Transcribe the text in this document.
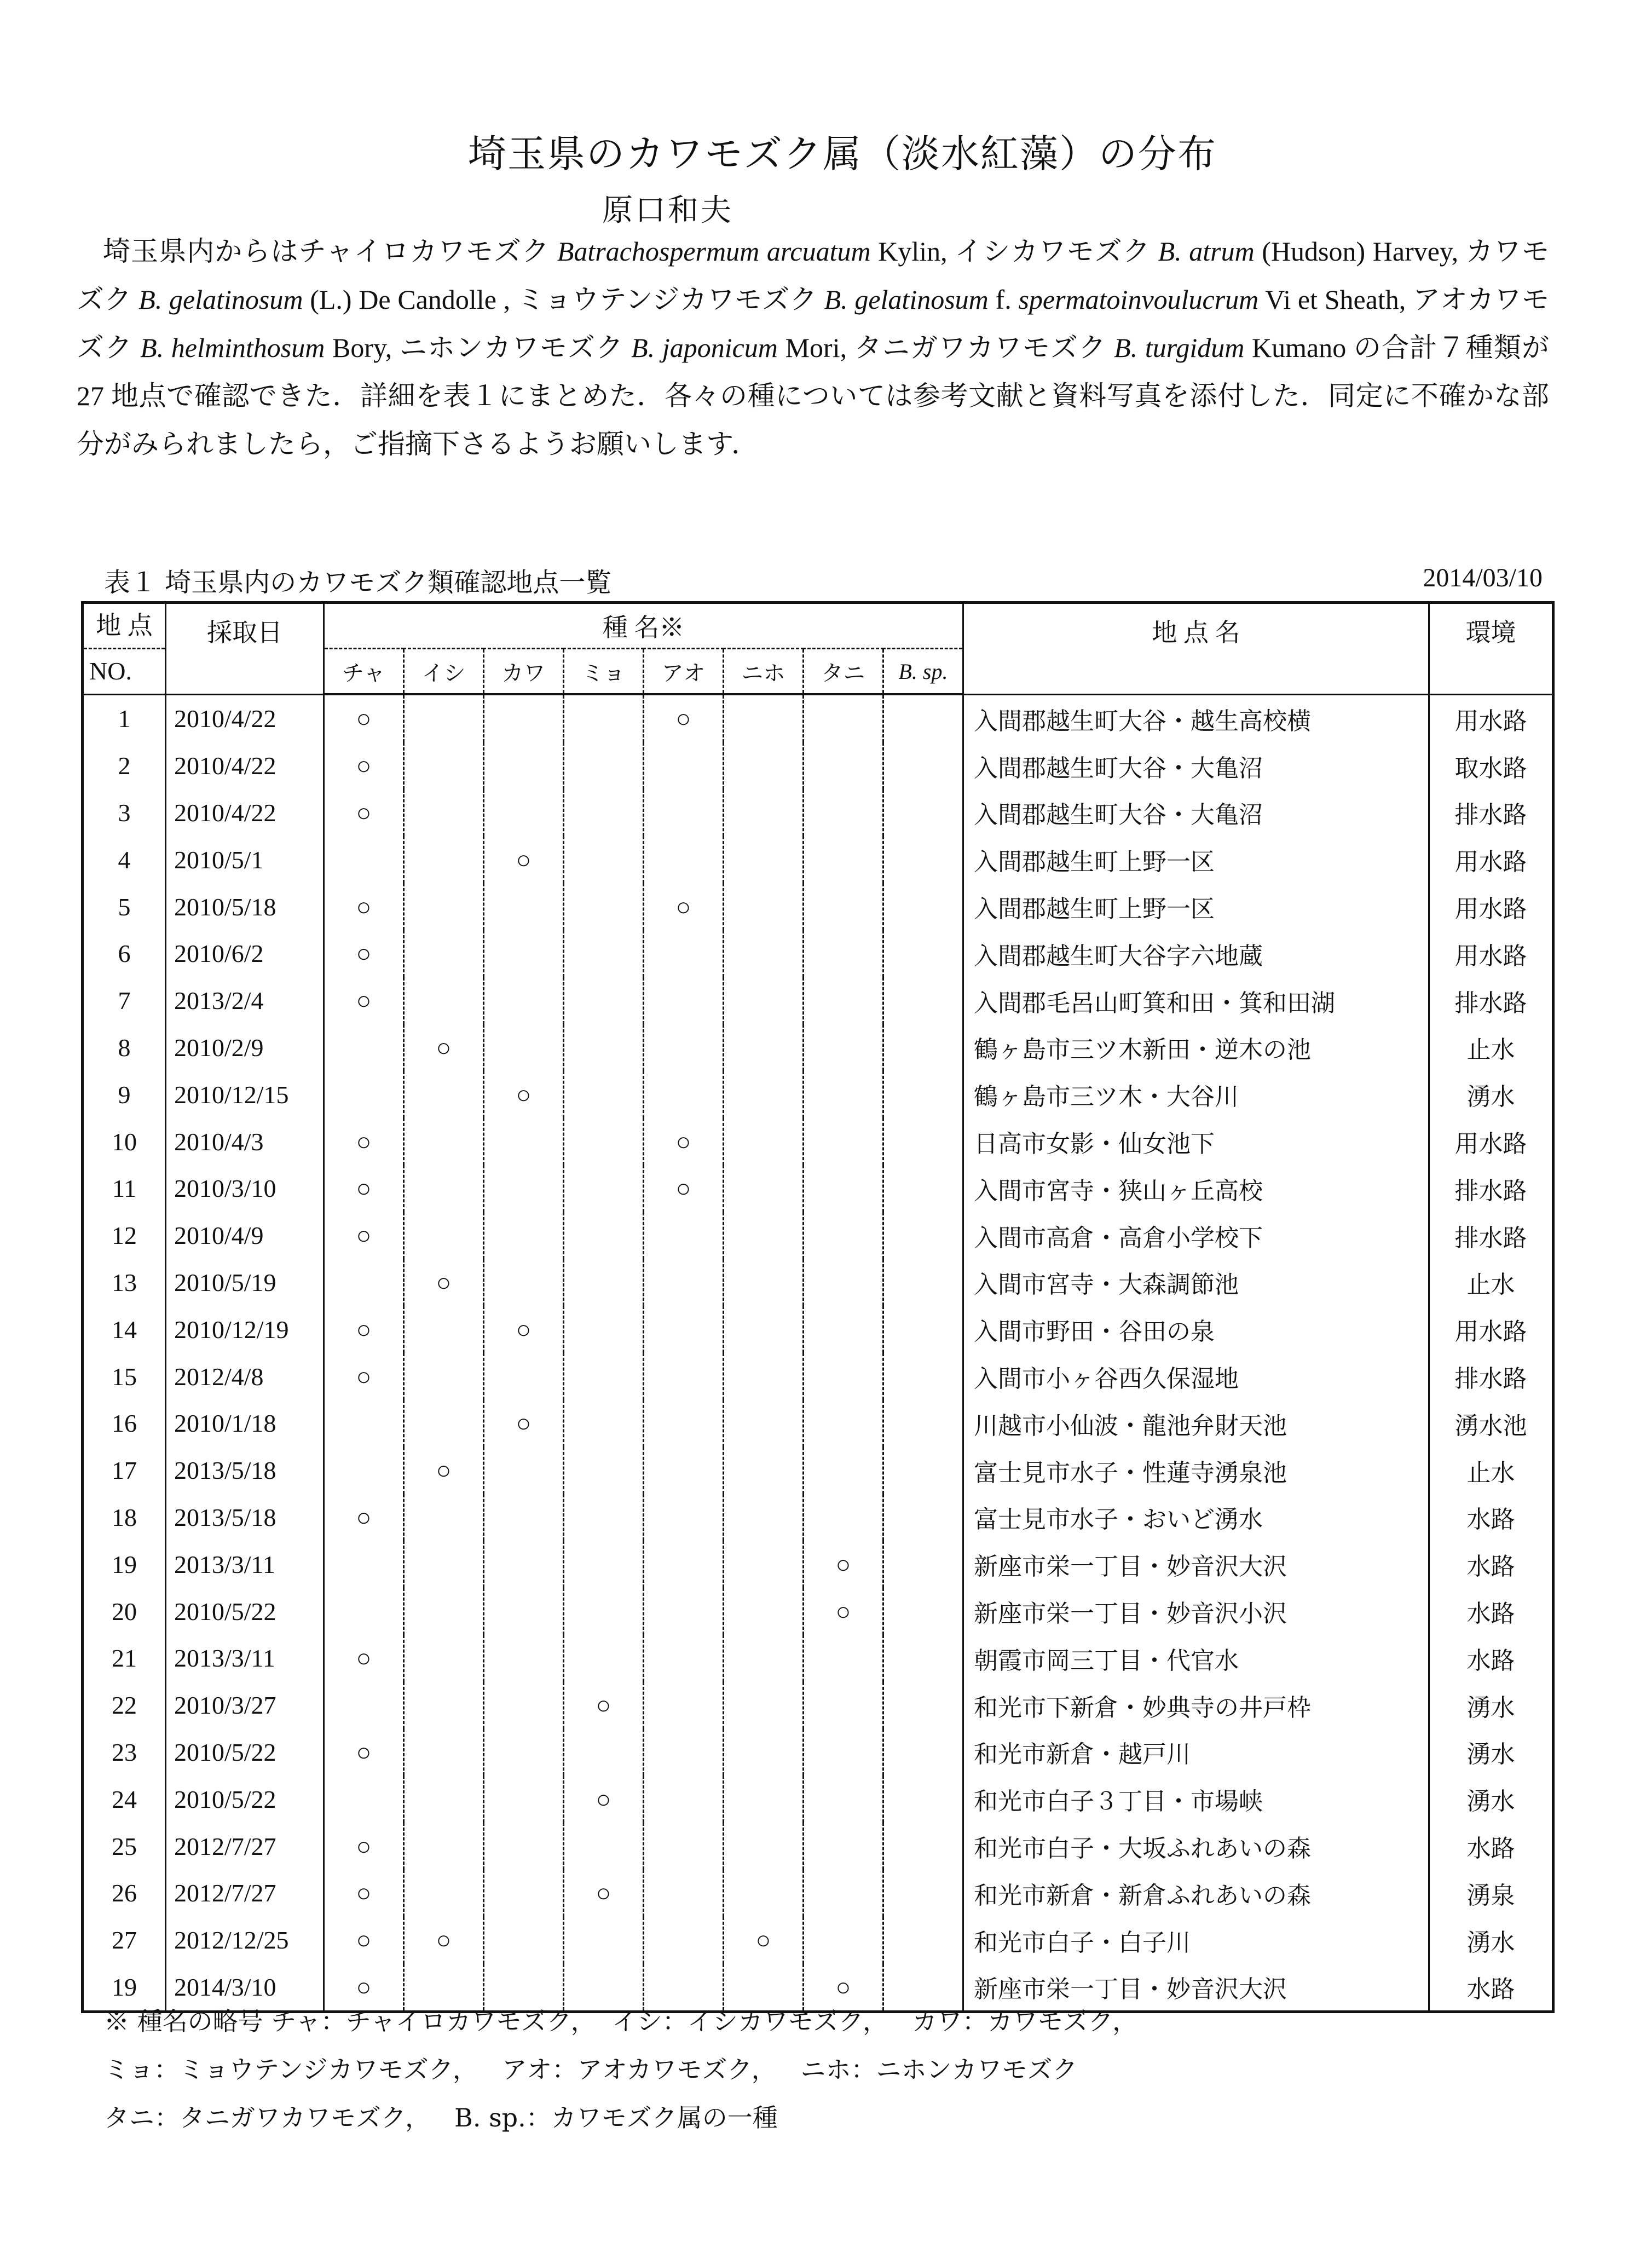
埼玉県のカワモズク属（淡水紅藻）の分布
原口和夫

埼玉県内からはチャイロカワモズク Batrachospermum arcuatum Kylin, イシカワモズク B. atrum (Hudson) Harvey, カワモズク B. gelatinosum (L.) De Candolle , ミョウテンジカワモズク B. gelatinosum f. spermatoinvoulucrum Vi et Sheath, アオカワモズク B. helminthosum Bory, ニホンカワモズク B. japonicum Mori, タニガワカワモズク B. turgidum Kumano の合計７種類が 27 地点で確認できた．詳細を表１にまとめた．各々の種については参考文献と資料写真を添付した．同定に不確かな部分がみられましたら，ご指摘下さるようお願いします．

表１ 埼玉県内のカワモズク類確認地点一覧	2014/03/10
地 点
NO.	採取日	種 名※								地 点 名	環境
		チャ	イシ	カワ	ミョ	アオ	ニホ	タニ	B. sp.		
1	2010/4/22	○				○				入間郡越生町大谷・越生高校横	用水路
2	2010/4/22	○								入間郡越生町大谷・大亀沼	取水路
3	2010/4/22	○								入間郡越生町大谷・大亀沼	排水路
4	2010/5/1			○						入間郡越生町上野一区	用水路
5	2010/5/18	○				○				入間郡越生町上野一区	用水路
6	2010/6/2	○								入間郡越生町大谷字六地蔵	用水路
7	2013/2/4	○								入間郡毛呂山町箕和田・箕和田湖	排水路
8	2010/2/9		○							鶴ヶ島市三ツ木新田・逆木の池	止水
9	2010/12/15			○						鶴ヶ島市三ツ木・大谷川	湧水
10	2010/4/3	○				○				日高市女影・仙女池下	用水路
11	2010/3/10	○				○				入間市宮寺・狭山ヶ丘高校	排水路
12	2010/4/9	○								入間市高倉・高倉小学校下	排水路
13	2010/5/19		○							入間市宮寺・大森調節池	止水
14	2010/12/19	○		○						入間市野田・谷田の泉	用水路
15	2012/4/8	○								入間市小ヶ谷西久保湿地	排水路
16	2010/1/18			○						川越市小仙波・龍池弁財天池	湧水池
17	2013/5/18		○							富士見市水子・性蓮寺湧泉池	止水
18	2013/5/18	○								富士見市水子・おいど湧水	水路
19	2013/3/11							○		新座市栄一丁目・妙音沢大沢	水路
20	2010/5/22							○		新座市栄一丁目・妙音沢小沢	水路
21	2013/3/11	○								朝霞市岡三丁目・代官水	水路
22	2010/3/27				○					和光市下新倉・妙典寺の井戸枠	湧水
23	2010/5/22	○								和光市新倉・越戸川	湧水
24	2010/5/22				○					和光市白子３丁目・市場峡	湧水
25	2012/7/27	○								和光市白子・大坂ふれあいの森	水路
26	2012/7/27	○			○					和光市新倉・新倉ふれあいの森	湧泉
27	2012/12/25	○	○				○			和光市白子・白子川	湧水
19	2014/3/10	○						○		新座市栄一丁目・妙音沢大沢	水路
※ 種名の略号 チャ：チャイロカワモズク，  イシ：イシカワモズク，   カワ：カワモズク，
ミョ：ミョウテンジカワモズク，   アオ：アオカワモズク，   ニホ：ニホンカワモズク
タニ：タニガワカワモズク，   B. sp.：カワモズク属の一種
